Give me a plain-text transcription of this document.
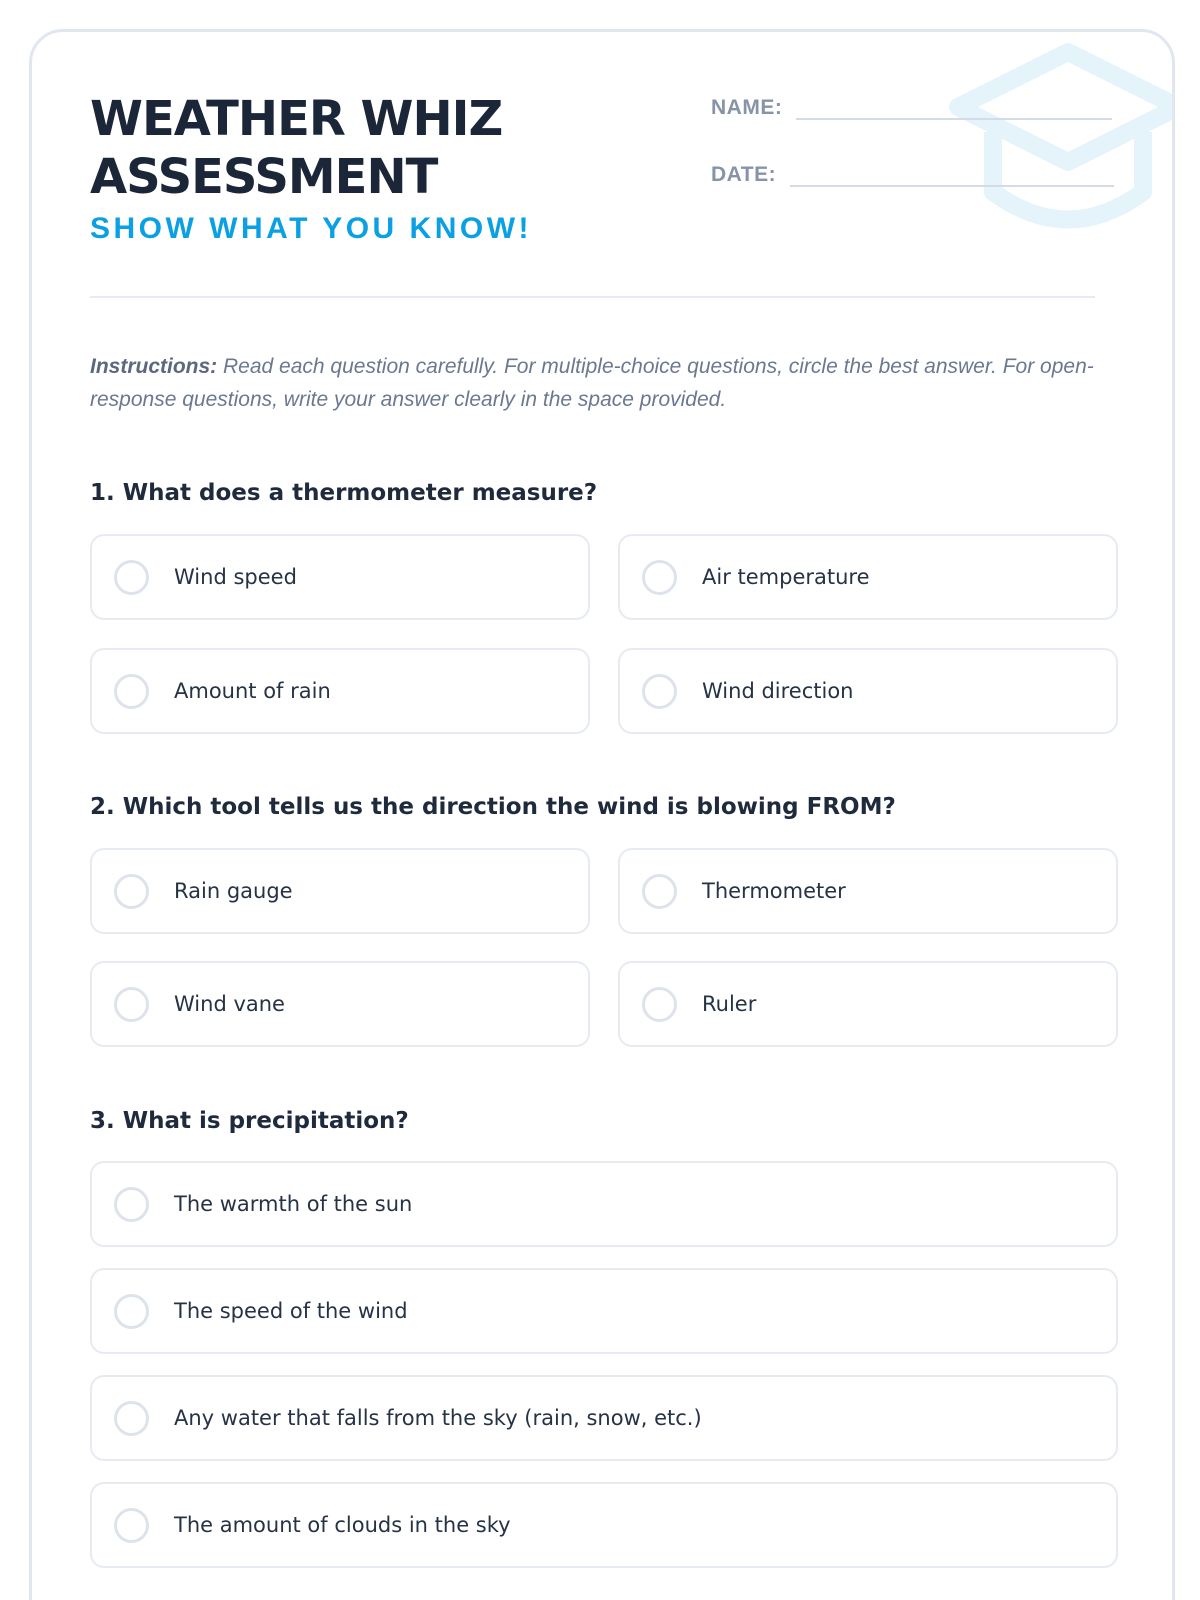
WEATHER WHIZ ASSESSMENT
SHOW WHAT YOU KNOW!
NAME:
DATE:
Instructions: Read each question carefully. For multiple-choice questions, circle the best answer. For open-response questions, write your answer clearly in the space provided.
1. What does a thermometer measure?
Wind speed	Air temperature
Amount of rain	Wind direction
2. Which tool tells us the direction the wind is blowing FROM?
Rain gauge	Thermometer
Wind vane	Ruler
3. What is precipitation?
The warmth of the sun
The speed of the wind
Any water that falls from the sky (rain, snow, etc.)
The amount of clouds in the sky
